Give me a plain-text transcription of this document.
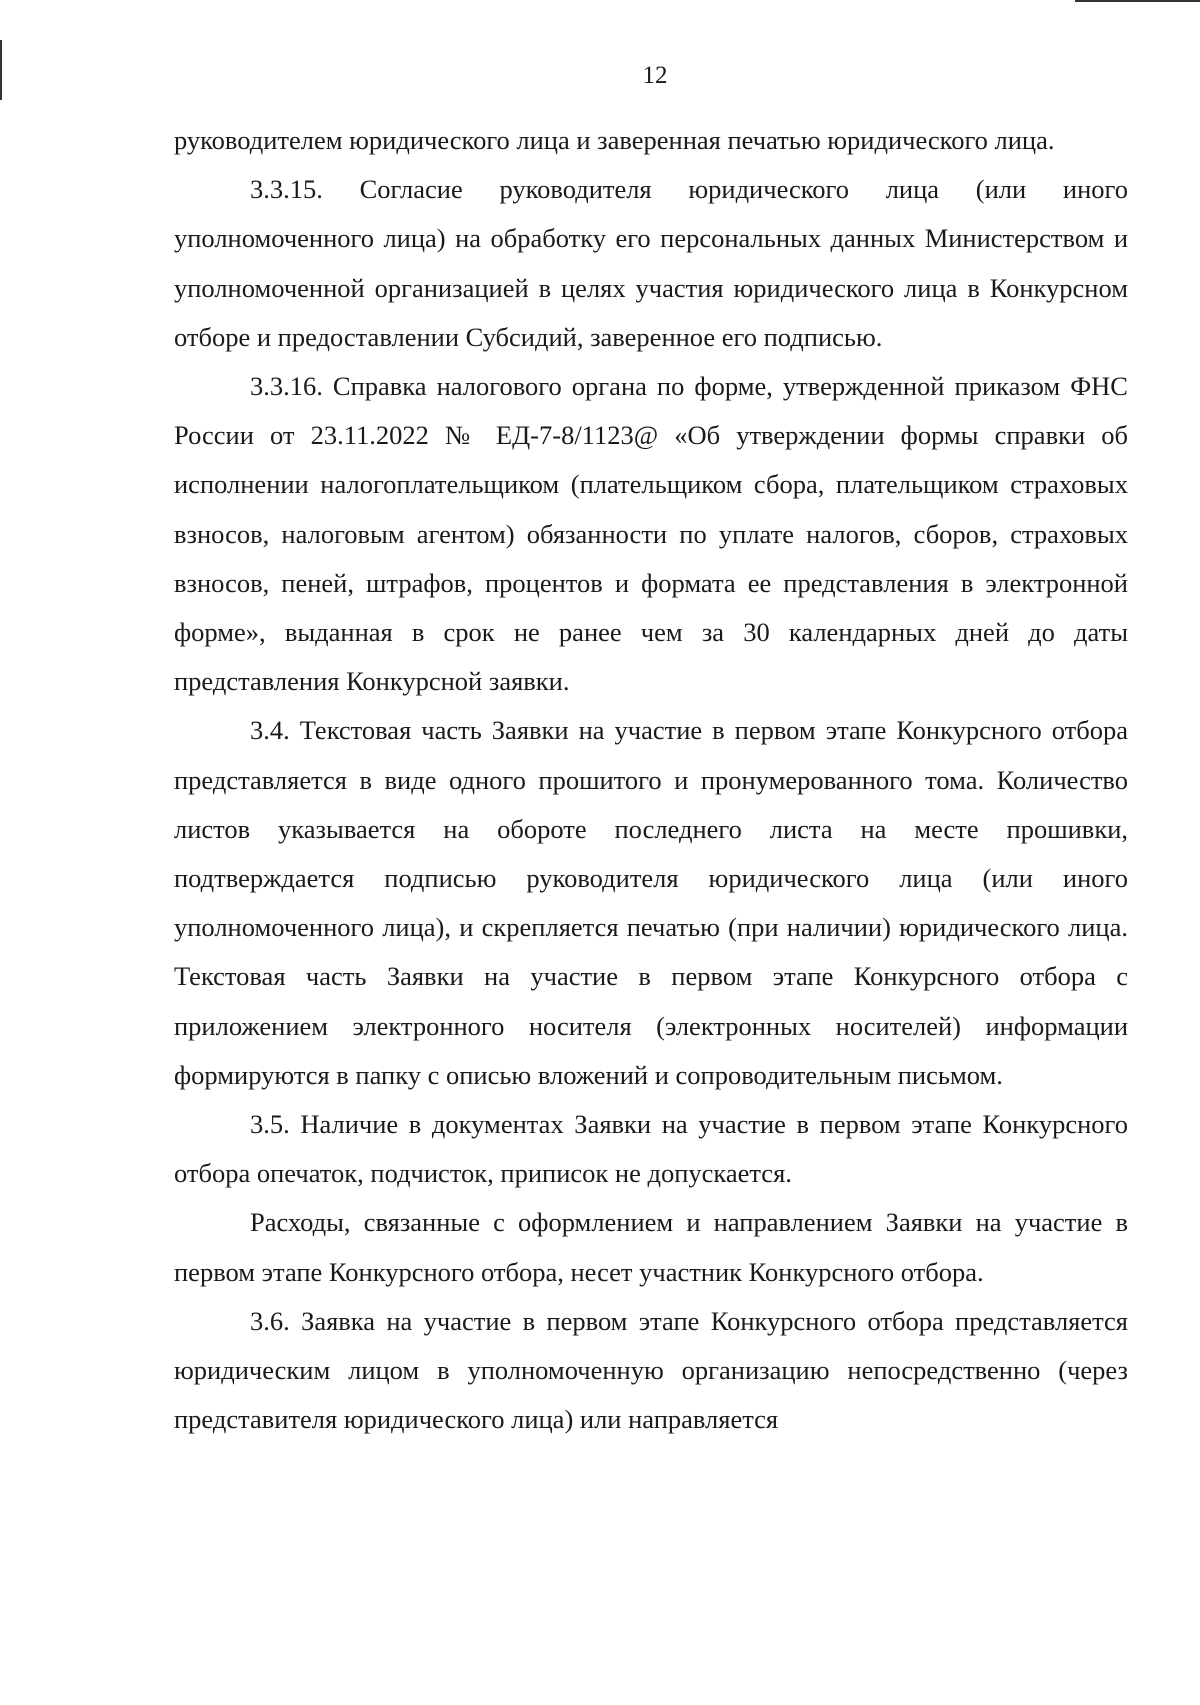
12

руководителем юридического лица и заверенная печатью юридического лица.

3.3.15. Согласие руководителя юридического лица (или иного уполномоченного лица) на обработку его персональных данных Министерством и уполномоченной организацией в целях участия юридического лица в Конкурсном отборе и предоставлении Субсидий, заверенное его подписью.

3.3.16. Справка налогового органа по форме, утвержденной приказом ФНС России от 23.11.2022 № ЕД-7-8/1123@ «Об утверждении формы справки об исполнении налогоплательщиком (плательщиком сбора, плательщиком страховых взносов, налоговым агентом) обязанности по уплате налогов, сборов, страховых взносов, пеней, штрафов, процентов и формата ее представления в электронной форме», выданная в срок не ранее чем за 30 календарных дней до даты представления Конкурсной заявки.

3.4. Текстовая часть Заявки на участие в первом этапе Конкурсного отбора представляется в виде одного прошитого и пронумерованного тома. Количество листов указывается на обороте последнего листа на месте прошивки, подтверждается подписью руководителя юридического лица (или иного уполномоченного лица), и скрепляется печатью (при наличии) юридического лица. Текстовая часть Заявки на участие в первом этапе Конкурсного отбора с приложением электронного носителя (электронных носителей) информации формируются в папку с описью вложений и сопроводительным письмом.

3.5. Наличие в документах Заявки на участие в первом этапе Конкурсного отбора опечаток, подчисток, приписок не допускается.

Расходы, связанные с оформлением и направлением Заявки на участие в первом этапе Конкурсного отбора, несет участник Конкурсного отбора.

3.6. Заявка на участие в первом этапе Конкурсного отбора представляется юридическим лицом в уполномоченную организацию непосредственно (через представителя юридического лица) или направляется
